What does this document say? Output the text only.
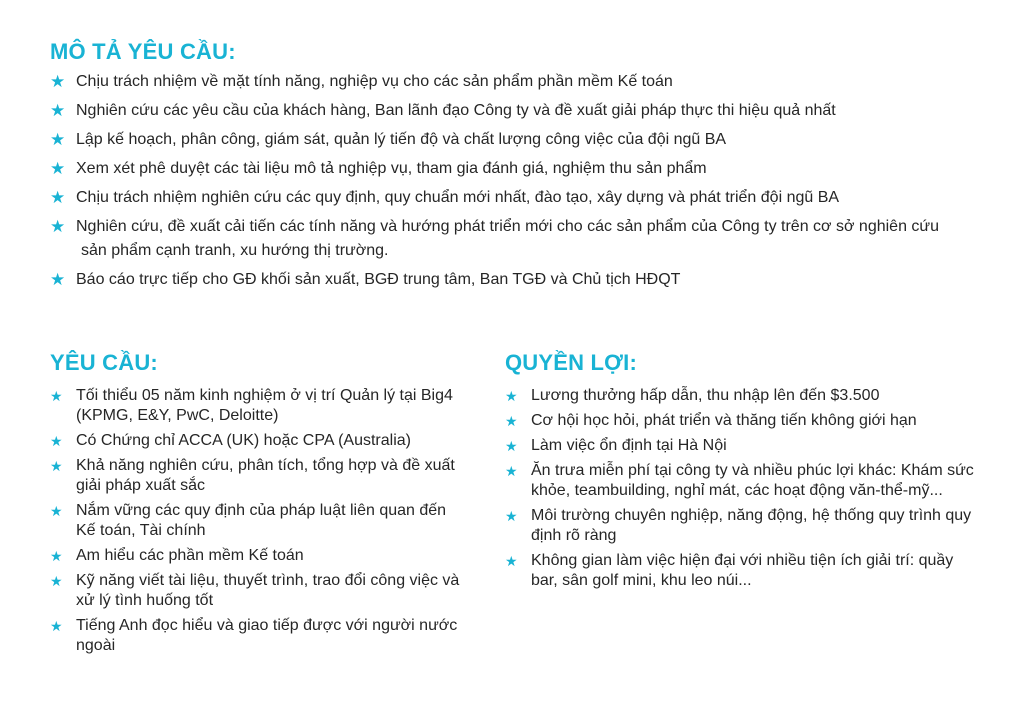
MÔ TẢ YÊU CẦU:
★ Chịu trách nhiệm về mặt tính năng, nghiệp vụ cho các sản phẩm phần mềm Kế toán
★ Nghiên cứu các yêu cầu của khách hàng, Ban lãnh đạo Công ty và đề xuất giải pháp thực thi hiệu quả nhất
★ Lập kế hoạch, phân công, giám sát, quản lý tiến độ và chất lượng công việc của đội ngũ BA
★ Xem xét phê duyệt các tài liệu mô tả nghiệp vụ, tham gia đánh giá, nghiệm thu sản phẩm
★ Chịu trách nhiệm nghiên cứu các quy định, quy chuẩn mới nhất, đào tạo, xây dựng và phát triển đội ngũ BA
★ Nghiên cứu, đề xuất cải tiến các tính năng và hướng phát triển mới cho các sản phẩm của Công ty trên cơ sở nghiên cứu
sản phẩm cạnh tranh, xu hướng thị trường.
★ Báo cáo trực tiếp cho GĐ khối sản xuất, BGĐ trung tâm, Ban TGĐ và Chủ tịch HĐQT
YÊU CẦU:
★ Tối thiểu 05 năm kinh nghiệm ở vị trí Quản lý tại Big4 (KPMG, E&Y, PwC, Deloitte)
★ Có Chứng chỉ ACCA (UK) hoặc CPA (Australia)
★ Khả năng nghiên cứu, phân tích, tổng hợp và đề xuất giải pháp xuất sắc
★ Nắm vững các quy định của pháp luật liên quan đến Kế toán, Tài chính
★ Am hiểu các phần mềm Kế toán
★ Kỹ năng viết tài liệu, thuyết trình, trao đổi công việc và xử lý tình huống tốt
★ Tiếng Anh đọc hiểu và giao tiếp được với người nước ngoài
QUYỀN LỢI:
★ Lương thưởng hấp dẫn, thu nhập lên đến $3.500
★ Cơ hội học hỏi, phát triển và thăng tiến không giới hạn
★ Làm việc ổn định tại Hà Nội
★ Ăn trưa miễn phí tại công ty và nhiều phúc lợi khác: Khám sức khỏe, teambuilding, nghỉ mát, các hoạt động văn-thể-mỹ...
★ Môi trường chuyên nghiệp, năng động, hệ thống quy trình quy định rõ ràng
★ Không gian làm việc hiện đại với nhiều tiện ích giải trí: quầy bar, sân golf mini, khu leo núi...
